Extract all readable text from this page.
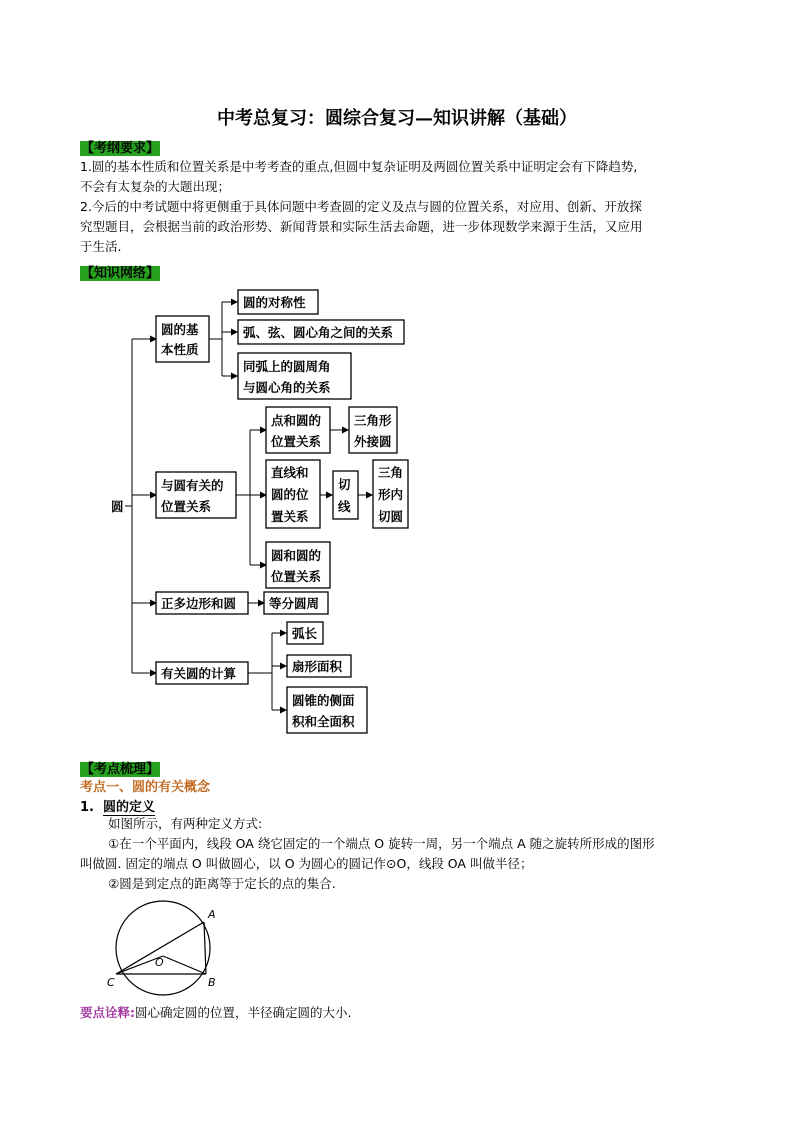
中考总复习：圆综合复习—知识讲解（基础）
【考纲要求】
1.圆的基本性质和位置关系是中考考查的重点,但圆中复杂证明及两圆位置关系中证明定会有下降趋势,
不会有太复杂的大题出现；
2.今后的中考试题中将更侧重于具体问题中考查圆的定义及点与圆的位置关系，对应用、创新、开放探
究型题目，会根据当前的政治形势、新闻背景和实际生活去命题，进一步体现数学来源于生活，又应用
于生活.
【知识网络】
圆
圆的基
本性质
圆的对称性
弧、弦、圆心角之间的关系
同弧上的圆周角
与圆心角的关系
与圆有关的
位置关系
点和圆的
位置关系
三角形
外接圆
直线和
圆的位
置关系
切
线
三角
形内
切圆
圆和圆的
位置关系
正多边形和圆	等分圆周
有关圆的计算
弧长
扇形面积
圆锥的侧面
积和全面积
【考点梳理】
考点一、圆的有关概念
1. 圆的定义
如图所示，有两种定义方式:
①在一个平面内，线段 OA 绕它固定的一个端点 O 旋转一周，另一个端点 A 随之旋转所形成的图形
叫做圆. 固定的端点 O 叫做圆心，以 O 为圆心的圆记作⊙O，线段 OA 叫做半径；
②圆是到定点的距离等于定长的点的集合.
A
B
C
O
要点诠释:圆心确定圆的位置，半径确定圆的大小.
